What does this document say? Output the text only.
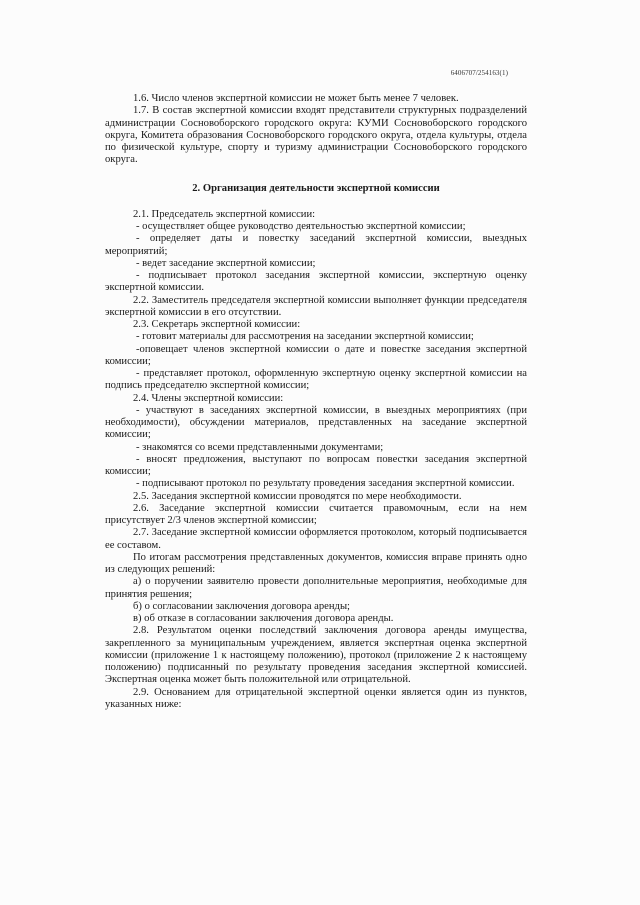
6406707/254163(1)

1.6. Число членов экспертной комиссии не может быть менее 7 человек.

1.7. В состав экспертной комиссии входят представители структурных подразделений администрации Сосновоборского городского округа: КУМИ Сосновоборского городского округа, Комитета образования Сосновоборского городского округа, отдела культуры, отдела по физической культуре, спорту и туризму администрации Сосновоборского городского округа.

2. Организация деятельности экспертной комиссии

2.1. Председатель экспертной комиссии:

- осуществляет общее руководство деятельностью экспертной комиссии;

- определяет даты и повестку заседаний экспертной комиссии, выездных мероприятий;

- ведет заседание экспертной комиссии;

- подписывает протокол заседания экспертной комиссии, экспертную оценку экспертной комиссии.

2.2. Заместитель председателя экспертной комиссии выполняет функции председателя экспертной комиссии в его отсутствии.

2.3. Секретарь экспертной комиссии:

- готовит материалы для рассмотрения на заседании экспертной комиссии;

-оповещает членов экспертной комиссии о дате и повестке заседания экспертной комиссии;

- представляет протокол, оформленную экспертную оценку экспертной комиссии на подпись председателю экспертной комиссии;

2.4. Члены экспертной комиссии:

- участвуют в заседаниях экспертной комиссии, в выездных мероприятиях (при необходимости), обсуждении материалов, представленных на заседание экспертной комиссии;

- знакомятся со всеми представленными документами;

- вносят предложения, выступают по вопросам повестки заседания экспертной комиссии;

- подписывают протокол по результату проведения заседания экспертной комиссии.

2.5. Заседания экспертной комиссии проводятся по мере необходимости.

2.6. Заседание экспертной комиссии считается правомочным, если на нем присутствует 2/3 членов экспертной комиссии;

2.7. Заседание экспертной комиссии оформляется протоколом, который подписывается ее составом.

По итогам рассмотрения представленных документов, комиссия вправе принять одно из следующих решений:

а) о поручении заявителю провести дополнительные мероприятия, необходимые для принятия решения;

б) о согласовании заключения договора аренды;

в) об отказе в согласовании заключения договора аренды.

2.8. Результатом оценки последствий заключения договора аренды имущества, закрепленного за муниципальным учреждением, является экспертная оценка экспертной комиссии (приложение 1 к настоящему положению), протокол (приложение 2 к настоящему положению) подписанный по результату проведения заседания экспертной комиссией. Экспертная оценка может быть положительной или отрицательной.

2.9. Основанием для отрицательной экспертной оценки является один из пунктов, указанных ниже:
